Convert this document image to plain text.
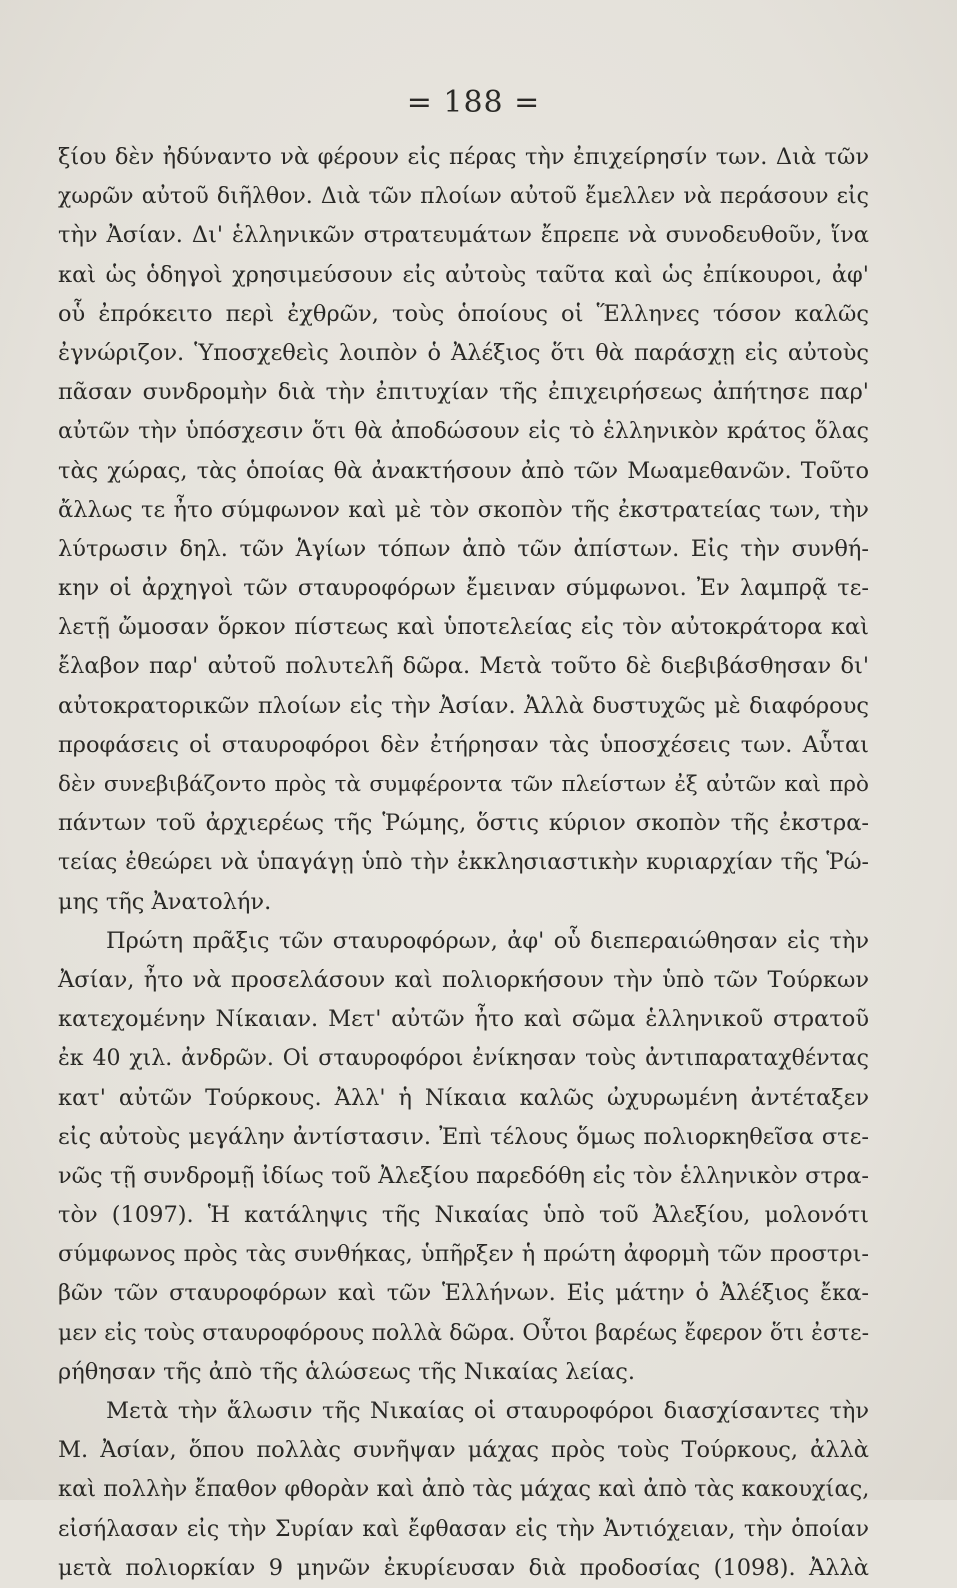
= 188 =
ξίου δὲν ἠδύναντο νὰ φέρουν εἰς πέρας τὴν ἐπιχείρησίν των. Διὰ τῶν
χωρῶν αὐτοῦ διῆλθον. Διὰ τῶν πλοίων αὐτοῦ ἔμελλεν νὰ περάσουν εἰς
τὴν Ἀσίαν. Δι' ἑλληνικῶν στρατευμάτων ἔπρεπε νὰ συνοδευθοῦν, ἵνα
καὶ ὡς ὁδηγοὶ χρησιμεύσουν εἰς αὐτοὺς ταῦτα καὶ ὡς ἐπίκουροι, ἀφ'
οὗ ἐπρόκειτο περὶ ἐχθρῶν, τοὺς ὁποίους οἱ Ἕλληνες τόσον καλῶς
ἐγνώριζον. Ὑποσχεθεὶς λοιπὸν ὁ Ἀλέξιος ὅτι θὰ παράσχῃ εἰς αὐτοὺς
πᾶσαν συνδρομὴν διὰ τὴν ἐπιτυχίαν τῆς ἐπιχειρήσεως ἀπήτησε παρ'
αὐτῶν τὴν ὑπόσχεσιν ὅτι θὰ ἀποδώσουν εἰς τὸ ἑλληνικὸν κράτος ὅλας
τὰς χώρας, τὰς ὁποίας θὰ ἀνακτήσουν ἀπὸ τῶν Μωαμεθανῶν. Τοῦτο
ἄλλως τε ἦτο σύμφωνον καὶ μὲ τὸν σκοπὸν τῆς ἐκστρατείας των, τὴν
λύτρωσιν δηλ. τῶν Ἁγίων τόπων ἀπὸ τῶν ἀπίστων. Εἰς τὴν συνθή-
κην οἱ ἀρχηγοὶ τῶν σταυροφόρων ἔμειναν σύμφωνοι. Ἐν λαμπρᾷ τε-
λετῇ ὤμοσαν ὅρκον πίστεως καὶ ὑποτελείας εἰς τὸν αὐτοκράτορα καὶ
ἔλαβον παρ' αὐτοῦ πολυτελῆ δῶρα. Μετὰ τοῦτο δὲ διεβιβάσθησαν δι'
αὐτοκρατορικῶν πλοίων εἰς τὴν Ἀσίαν. Ἀλλὰ δυστυχῶς μὲ διαφόρους
προφάσεις οἱ σταυροφόροι δὲν ἐτήρησαν τὰς ὑποσχέσεις των. Αὗται
δὲν συνεβιβάζοντο πρὸς τὰ συμφέροντα τῶν πλείστων ἐξ αὐτῶν καὶ πρὸ
πάντων τοῦ ἀρχιερέως τῆς Ῥώμης, ὅστις κύριον σκοπὸν τῆς ἐκστρα-
τείας ἐθεώρει νὰ ὑπαγάγῃ ὑπὸ τὴν ἐκκλησιαστικὴν κυριαρχίαν τῆς Ῥώ-
μης τῆς Ἀνατολήν.
Πρώτη πρᾶξις τῶν σταυροφόρων, ἀφ' οὗ διεπεραιώθησαν εἰς τὴν
Ἀσίαν, ἦτο νὰ προσελάσουν καὶ πολιορκήσουν τὴν ὑπὸ τῶν Τούρκων
κατεχομένην Νίκαιαν. Μετ' αὐτῶν ἦτο καὶ σῶμα ἑλληνικοῦ στρατοῦ
ἐκ 40 χιλ. ἀνδρῶν. Οἱ σταυροφόροι ἐνίκησαν τοὺς ἀντιπαραταχθέντας
κατ' αὐτῶν Τούρκους. Ἀλλ' ἡ Νίκαια καλῶς ὠχυρωμένη ἀντέταξεν
εἰς αὐτοὺς μεγάλην ἀντίστασιν. Ἐπὶ τέλους ὅμως πολιορκηθεῖσα στε-
νῶς τῇ συνδρομῇ ἰδίως τοῦ Ἀλεξίου παρεδόθη εἰς τὸν ἑλληνικὸν στρα-
τὸν (1097). Ἡ κατάληψις τῆς Νικαίας ὑπὸ τοῦ Ἀλεξίου, μολονότι
σύμφωνος πρὸς τὰς συνθήκας, ὑπῆρξεν ἡ πρώτη ἀφορμὴ τῶν προστρι-
βῶν τῶν σταυροφόρων καὶ τῶν Ἑλλήνων. Εἰς μάτην ὁ Ἀλέξιος ἔκα-
μεν εἰς τοὺς σταυροφόρους πολλὰ δῶρα. Οὗτοι βαρέως ἔφερον ὅτι ἐστε-
ρήθησαν τῆς ἀπὸ τῆς ἁλώσεως τῆς Νικαίας λείας.
Μετὰ τὴν ἅλωσιν τῆς Νικαίας οἱ σταυροφόροι διασχίσαντες τὴν
Μ. Ἀσίαν, ὅπου πολλὰς συνῆψαν μάχας πρὸς τοὺς Τούρκους, ἀλλὰ
καὶ πολλὴν ἔπαθον φθορὰν καὶ ἀπὸ τὰς μάχας καὶ ἀπὸ τὰς κακουχίας,
εἰσήλασαν εἰς τὴν Συρίαν καὶ ἔφθασαν εἰς τὴν Ἀντιόχειαν, τὴν ὁποίαν
μετὰ πολιορκίαν 9 μηνῶν ἐκυρίευσαν διὰ προδοσίας (1098). Ἀλλὰ
